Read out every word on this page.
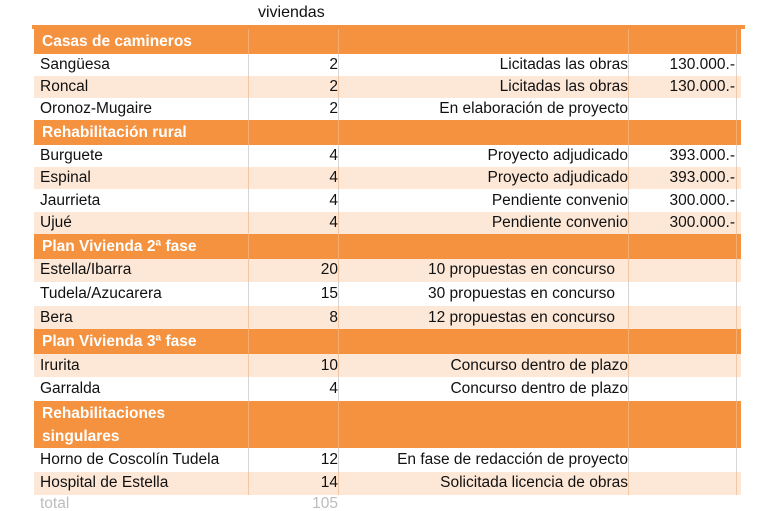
viviendas
Casas de camineros
Sangüesa	2	Licitadas las obras	130.000.-
Roncal	2	Licitadas las obras	130.000.-
Oronoz-Mugaire	2	En elaboración de proyecto
Rehabilitación rural
Burguete	4	Proyecto adjudicado	393.000.-
Espinal	4	Proyecto adjudicado	393.000.-
Jaurrieta	4	Pendiente convenio	300.000.-
Ujué	4	Pendiente convenio	300.000.-
Plan Vivienda 2ª fase
Estella/Ibarra	20	10 propuestas en concurso
Tudela/Azucarera	15	30 propuestas en concurso
Bera	8	12 propuestas en concurso
Plan Vivienda 3ª fase
Irurita	10	Concurso dentro de plazo
Garralda	4	Concurso dentro de plazo
Rehabilitaciones
singulares
Horno de Coscolín Tudela	12	En fase de redacción de proyecto
Hospital de Estella	14	Solicitada licencia de obras
total	105
